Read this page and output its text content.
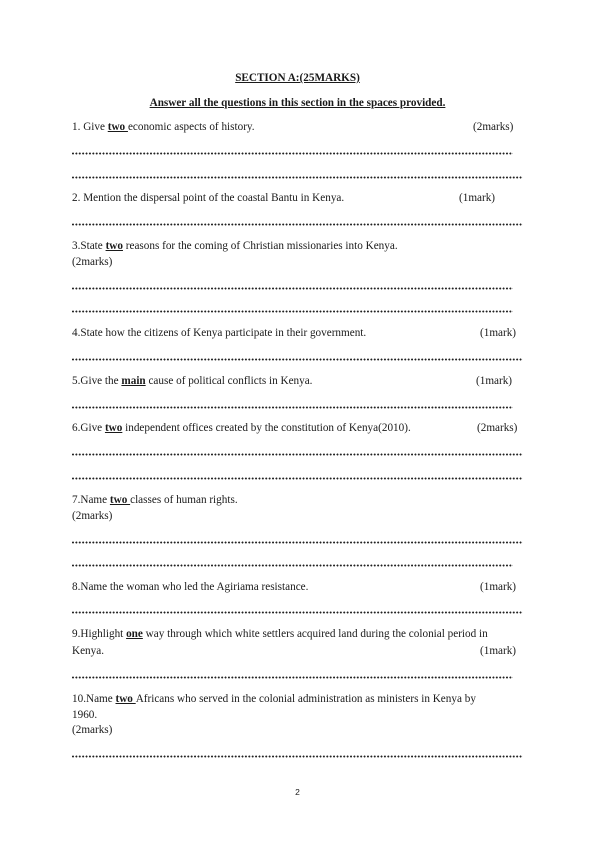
SECTION A:(25MARKS)
Answer all the questions in this section in the spaces provided.
1. Give two economic aspects of history.	(2marks)
2. Mention the dispersal point of the coastal Bantu in Kenya.	(1mark)
3.State two reasons for the coming of Christian missionaries into Kenya.
(2marks)
4.State how the citizens of Kenya participate in their government.	(1mark)
5.Give the main cause of political conflicts in Kenya.	(1mark)
6.Give two independent offices created by the constitution of Kenya(2010).	(2marks)
7.Name two classes of human rights.
(2marks)
8.Name the woman who led the Agiriama resistance.	(1mark)
9.Highlight one way through which white settlers acquired land during the colonial period in
Kenya.	(1mark)
10.Name two Africans who served in the colonial administration as ministers in Kenya by
1960.
(2marks)
2
